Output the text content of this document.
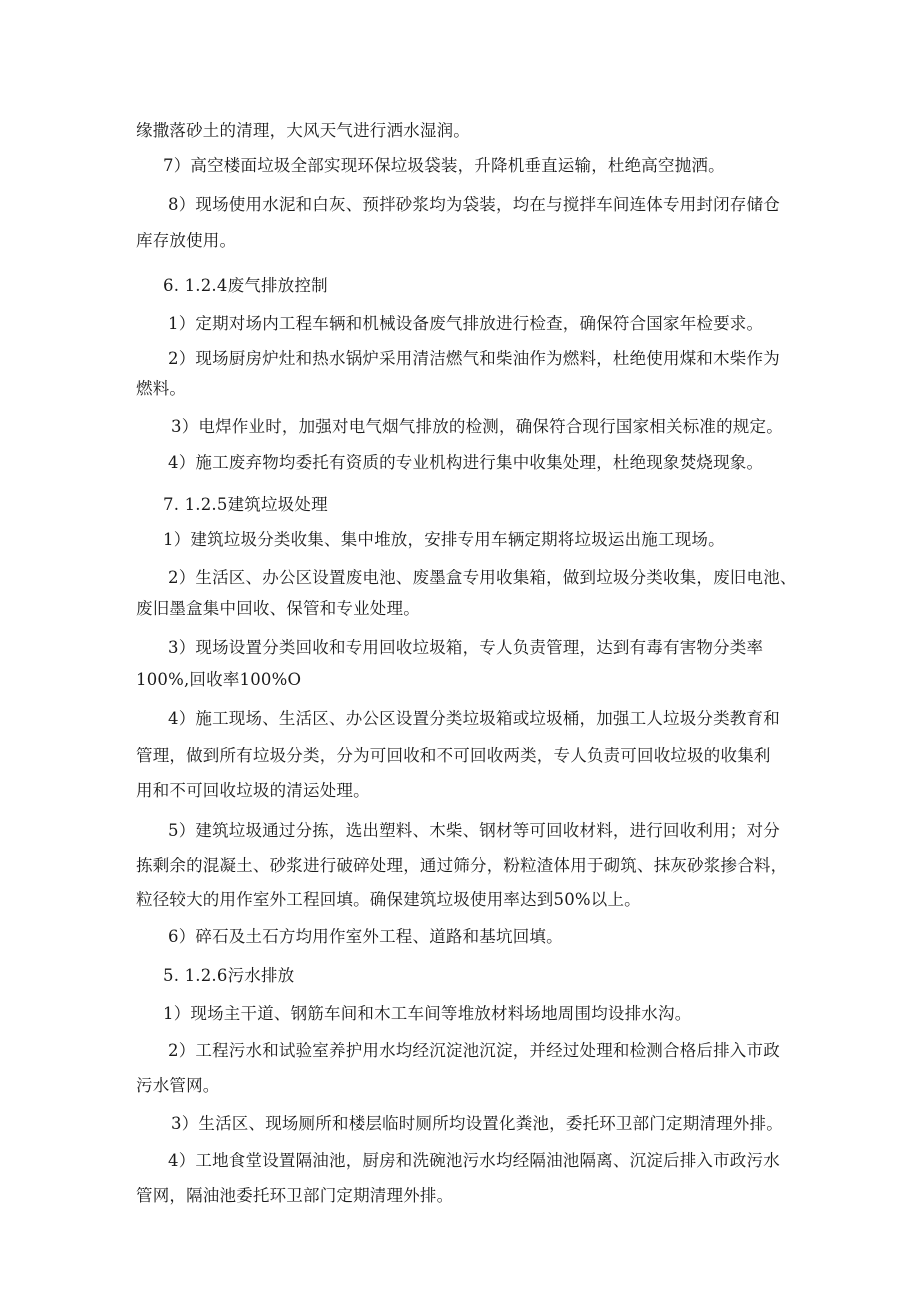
缘撒落砂土的清理，大风天气进行洒水湿润。
7）高空楼面垃圾全部实现环保垃圾袋装，升降机垂直运输，杜绝高空抛洒。
8）现场使用水泥和白灰、预拌砂浆均为袋装，均在与搅拌车间连体专用封闭存储仓
库存放使用。
6. 1.2.4废气排放控制
1）定期对场内工程车辆和机械设备废气排放进行检查，确保符合国家年检要求。
2）现场厨房炉灶和热水锅炉采用清洁燃气和柴油作为燃料，杜绝使用煤和木柴作为
燃料。
3）电焊作业时，加强对电气烟气排放的检测，确保符合现行国家相关标准的规定。
4）施工废弃物均委托有资质的专业机构进行集中收集处理，杜绝现象焚烧现象。
7. 1.2.5建筑垃圾处理
1）建筑垃圾分类收集、集中堆放，安排专用车辆定期将垃圾运出施工现场。
2）生活区、办公区设置废电池、废墨盒专用收集箱，做到垃圾分类收集，废旧电池、
废旧墨盒集中回收、保管和专业处理。
3）现场设置分类回收和专用回收垃圾箱，专人负责管理，达到有毒有害物分类率
100%,回收率100%O
4）施工现场、生活区、办公区设置分类垃圾箱或垃圾桶，加强工人垃圾分类教育和
管理，做到所有垃圾分类，分为可回收和不可回收两类，专人负责可回收垃圾的收集利
用和不可回收垃圾的清运处理。
5）建筑垃圾通过分拣，选出塑料、木柴、钢材等可回收材料，进行回收利用；对分
拣剩余的混凝土、砂浆进行破碎处理，通过筛分，粉粒渣体用于砌筑、抹灰砂浆掺合料，
粒径较大的用作室外工程回填。确保建筑垃圾使用率达到50%以上。
6）碎石及土石方均用作室外工程、道路和基坑回填。
5. 1.2.6污水排放
1）现场主干道、钢筋车间和木工车间等堆放材料场地周围均设排水沟。
2）工程污水和试验室养护用水均经沉淀池沉淀，并经过处理和检测合格后排入市政
污水管网。
3）生活区、现场厕所和楼层临时厕所均设置化粪池，委托环卫部门定期清理外排。
4）工地食堂设置隔油池，厨房和洗碗池污水均经隔油池隔离、沉淀后排入市政污水
管网，隔油池委托环卫部门定期清理外排。
